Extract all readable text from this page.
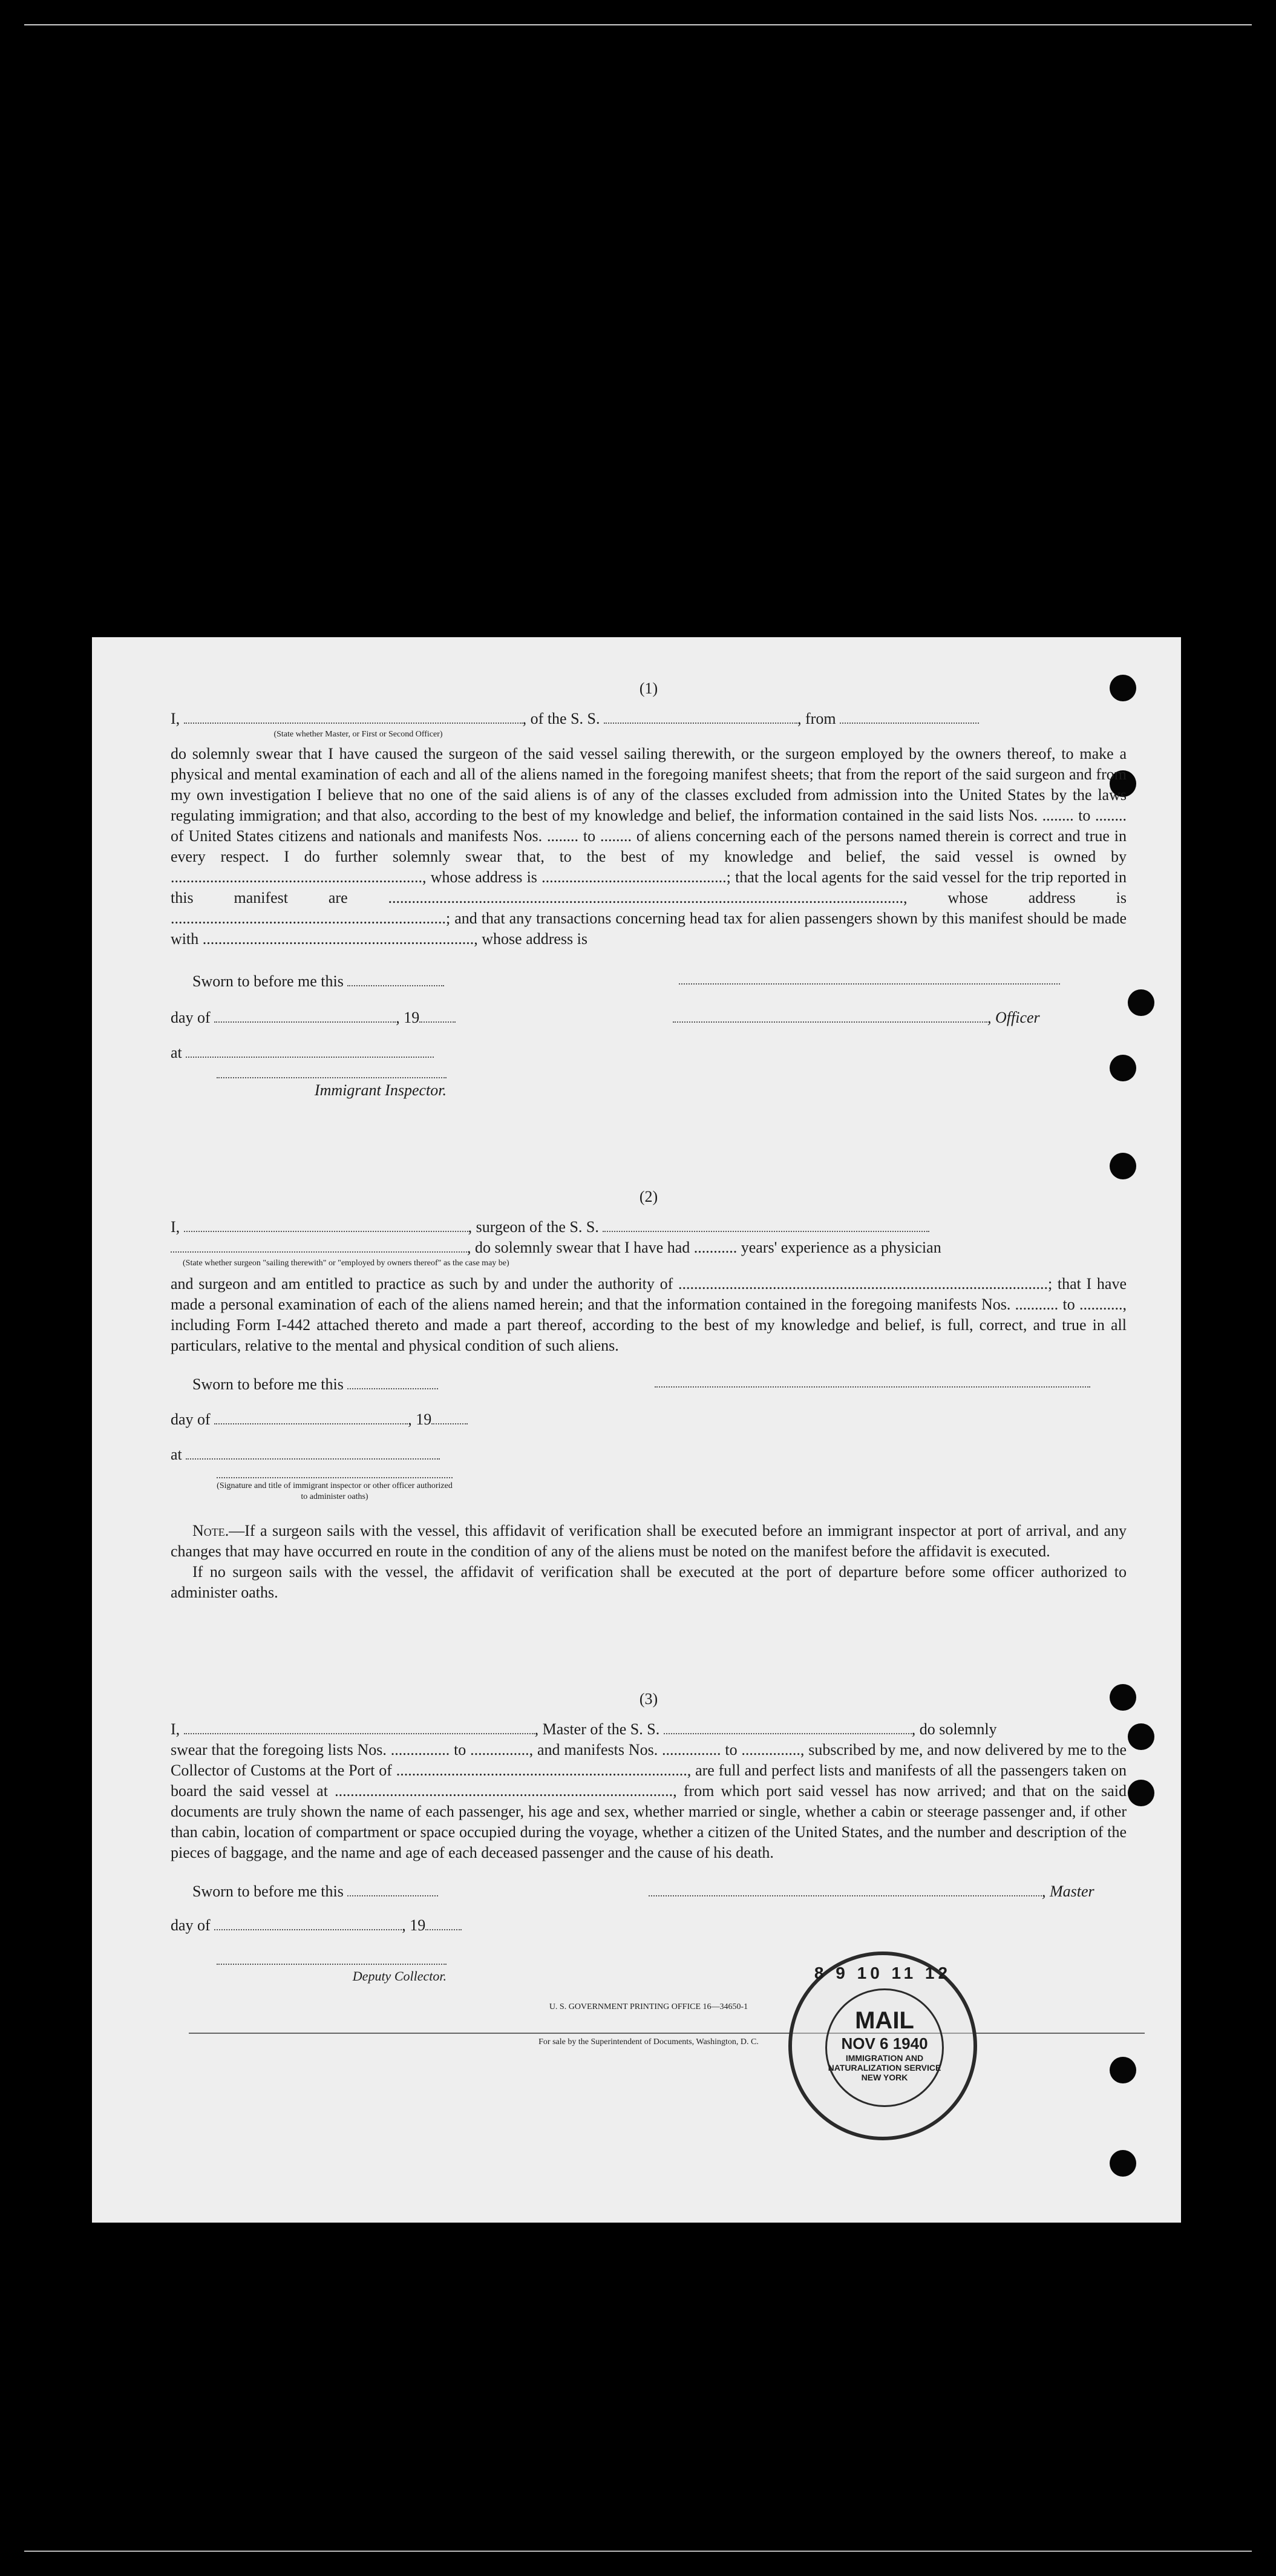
(1)
I,	, of the S. S.	, from
(State whether Master, or First or Second Officer)
do solemnly swear that I have caused the surgeon of the said vessel sailing therewith, or the surgeon employed by the owners thereof, to make a physical and mental examination of each and all of the aliens named in the foregoing manifest sheets; that from the report of the said surgeon and from my own investigation I believe that no one of the said aliens is of any of the classes excluded from admission into the United States by the laws regulating immigration; and that also, according to the best of my knowledge and belief, the information contained in the said lists Nos. ........ to ........ of United States citizens and nationals and manifests Nos. ........ to ........ of aliens concerning each of the persons named therein is correct and true in every respect. I do further solemnly swear that, to the best of my knowledge and belief, the said vessel is owned by ................................................................, whose address is ...............................................; that the local agents for the said vessel for the trip reported in this manifest are ..................................................................................................................................., whose address is ......................................................................; and that any transactions concerning head tax for alien passengers shown by this manifest should be made with ....................................................................., whose address is
Sworn to before me this
day of	, 19
at
Immigrant Inspector.
, Officer
(2)
I,	, surgeon of the S. S.
, do solemnly swear that I have had ........... years' experience as a physician
(State whether surgeon "sailing therewith" or "employed by owners thereof" as the case may be)
and surgeon and am entitled to practice as such by and under the authority of ..............................................................................................; that I have made a personal examination of each of the aliens named herein; and that the information contained in the foregoing manifests Nos. ........... to ..........., including Form I-442 attached thereto and made a part thereof, according to the best of my knowledge and belief, is full, correct, and true in all particulars, relative to the mental and physical condition of such aliens.
Sworn to before me this
day of	, 19
at
(Signature and title of immigrant inspector or other officer authorized to administer oaths)
Note.—If a surgeon sails with the vessel, this affidavit of verification shall be executed before an immigrant inspector at port of arrival, and any changes that may have occurred en route in the condition of any of the aliens must be noted on the manifest before the affidavit is executed.
If no surgeon sails with the vessel, the affidavit of verification shall be executed at the port of departure before some officer authorized to administer oaths.
(3)
I,	, Master of the S. S.	, do solemnly
swear that the foregoing lists Nos. ............... to ..............., and manifests Nos. ............... to ..............., subscribed by me, and now delivered by me to the Collector of Customs at the Port of .........................................................................., are full and perfect lists and manifests of all the passengers taken on board the said vessel at ......................................................................................, from which port said vessel has now arrived; and that on the said documents are truly shown the name of each passenger, his age and sex, whether married or single, whether a cabin or steerage passenger and, if other than cabin, location of compartment or space occupied during the voyage, whether a citizen of the United States, and the number and description of the pieces of baggage, and the name and age of each deceased passenger and the cause of his death.
Sworn to before me this	, Master
day of	, 19
Deputy Collector.
U. S. GOVERNMENT PRINTING OFFICE 16—34650-1
For sale by the Superintendent of Documents, Washington, D. C.
8 9 10 11 12
MAIL
NOV 6 1940
IMMIGRATION AND NATURALIZATION SERVICE NEW YORK
